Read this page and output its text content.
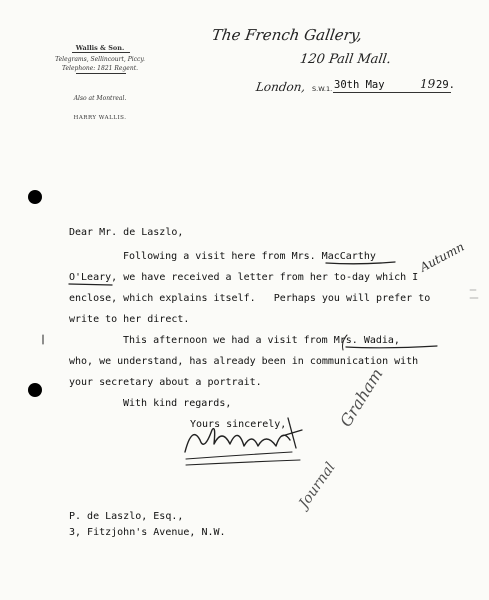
Wallis & Son.
Telegrams, Sellincourt, Piccy.
Telephone: 1821 Regent.
Also at Montreal.
HARRY WALLIS.
The French Gallery,
120 Pall Mall.
London, S.W.1. 30th May	19 29.
Dear Mr. de Laszlo,
Following a visit here from Mrs. MacCarthy
O'Leary, we have received a letter from her to-day which I
enclose, which explains itself.   Perhaps you will prefer to
write to her direct.
This afternoon we had a visit from Mrs. Wadia,
who, we understand, has already been in communication with
your secretary about a portrait.
With kind regards,
Yours sincerely,
P. de Laszlo, Esq.,
3, Fitzjohn's Avenue, N.W.
Autumn
Graham
Journal
